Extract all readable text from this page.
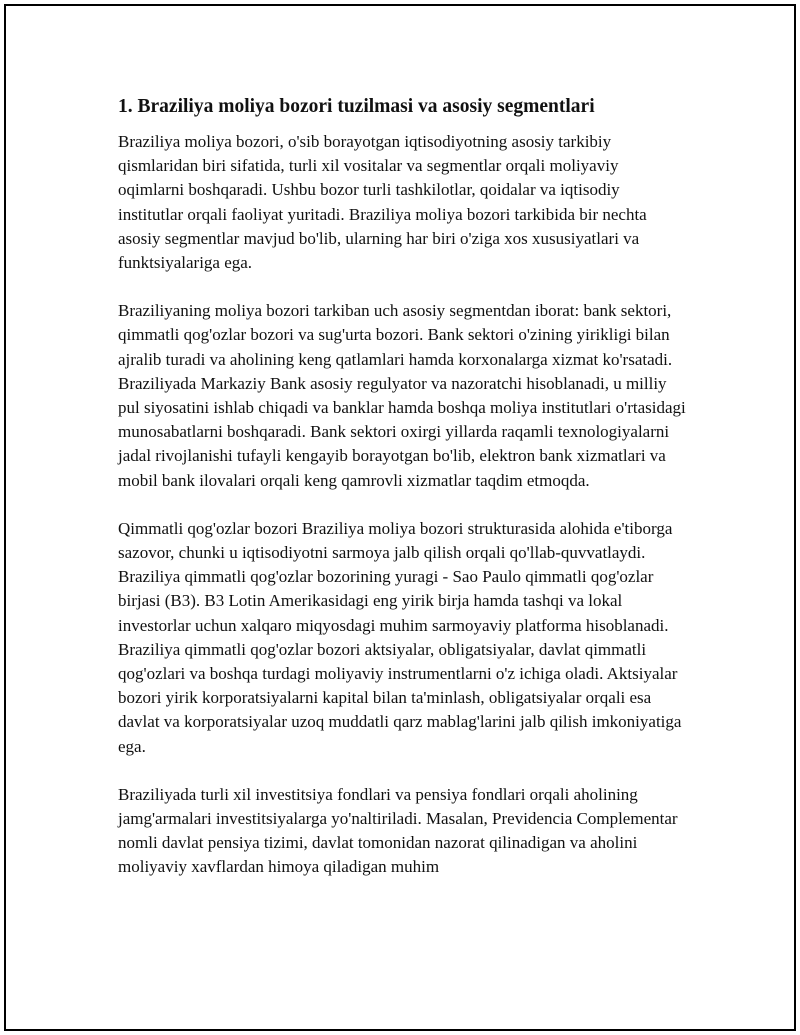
1. Braziliya moliya bozori tuzilmasi va asosiy segmentlari

Braziliya moliya bozori, o'sib borayotgan iqtisodiyotning asosiy tarkibiy qismlaridan biri sifatida, turli xil vositalar va segmentlar orqali moliyaviy oqimlarni boshqaradi. Ushbu bozor turli tashkilotlar, qoidalar va iqtisodiy institutlar orqali faoliyat yuritadi. Braziliya moliya bozori tarkibida bir nechta asosiy segmentlar mavjud bo'lib, ularning har biri o'ziga xos xususiyatlari va funktsiyalariga ega.

Braziliyaning moliya bozori tarkiban uch asosiy segmentdan iborat: bank sektori, qimmatli qog'ozlar bozori va sug'urta bozori. Bank sektori o'zining yirikligi bilan ajralib turadi va aholining keng qatlamlari hamda korxonalarga xizmat ko'rsatadi. Braziliyada Markaziy Bank asosiy regulyator va nazoratchi hisoblanadi, u milliy pul siyosatini ishlab chiqadi va banklar hamda boshqa moliya institutlari o'rtasidagi munosabatlarni boshqaradi. Bank sektori oxirgi yillarda raqamli texnologiyalarni jadal rivojlanishi tufayli kengayib borayotgan bo'lib, elektron bank xizmatlari va mobil bank ilovalari orqali keng qamrovli xizmatlar taqdim etmoqda.

Qimmatli qog'ozlar bozori Braziliya moliya bozori strukturasida alohida e'tiborga sazovor, chunki u iqtisodiyotni sarmoya jalb qilish orqali qo'llab-quvvatlaydi. Braziliya qimmatli qog'ozlar bozorining yuragi - Sao Paulo qimmatli qog'ozlar birjasi (B3). B3 Lotin Amerikasidagi eng yirik birja hamda tashqi va lokal investorlar uchun xalqaro miqyosdagi muhim sarmoyaviy platforma hisoblanadi. Braziliya qimmatli qog'ozlar bozori aktsiyalar, obligatsiyalar, davlat qimmatli qog'ozlari va boshqa turdagi moliyaviy instrumentlarni o'z ichiga oladi. Aktsiyalar bozori yirik korporatsiyalarni kapital bilan ta'minlash, obligatsiyalar orqali esa davlat va korporatsiyalar uzoq muddatli qarz mablag'larini jalb qilish imkoniyatiga ega.

Braziliyada turli xil investitsiya fondlari va pensiya fondlari orqali aholining jamg'armalari investitsiyalarga yo'naltiriladi. Masalan, Previdencia Complementar nomli davlat pensiya tizimi, davlat tomonidan nazorat qilinadigan va aholini moliyaviy xavflardan himoya qiladigan muhim
